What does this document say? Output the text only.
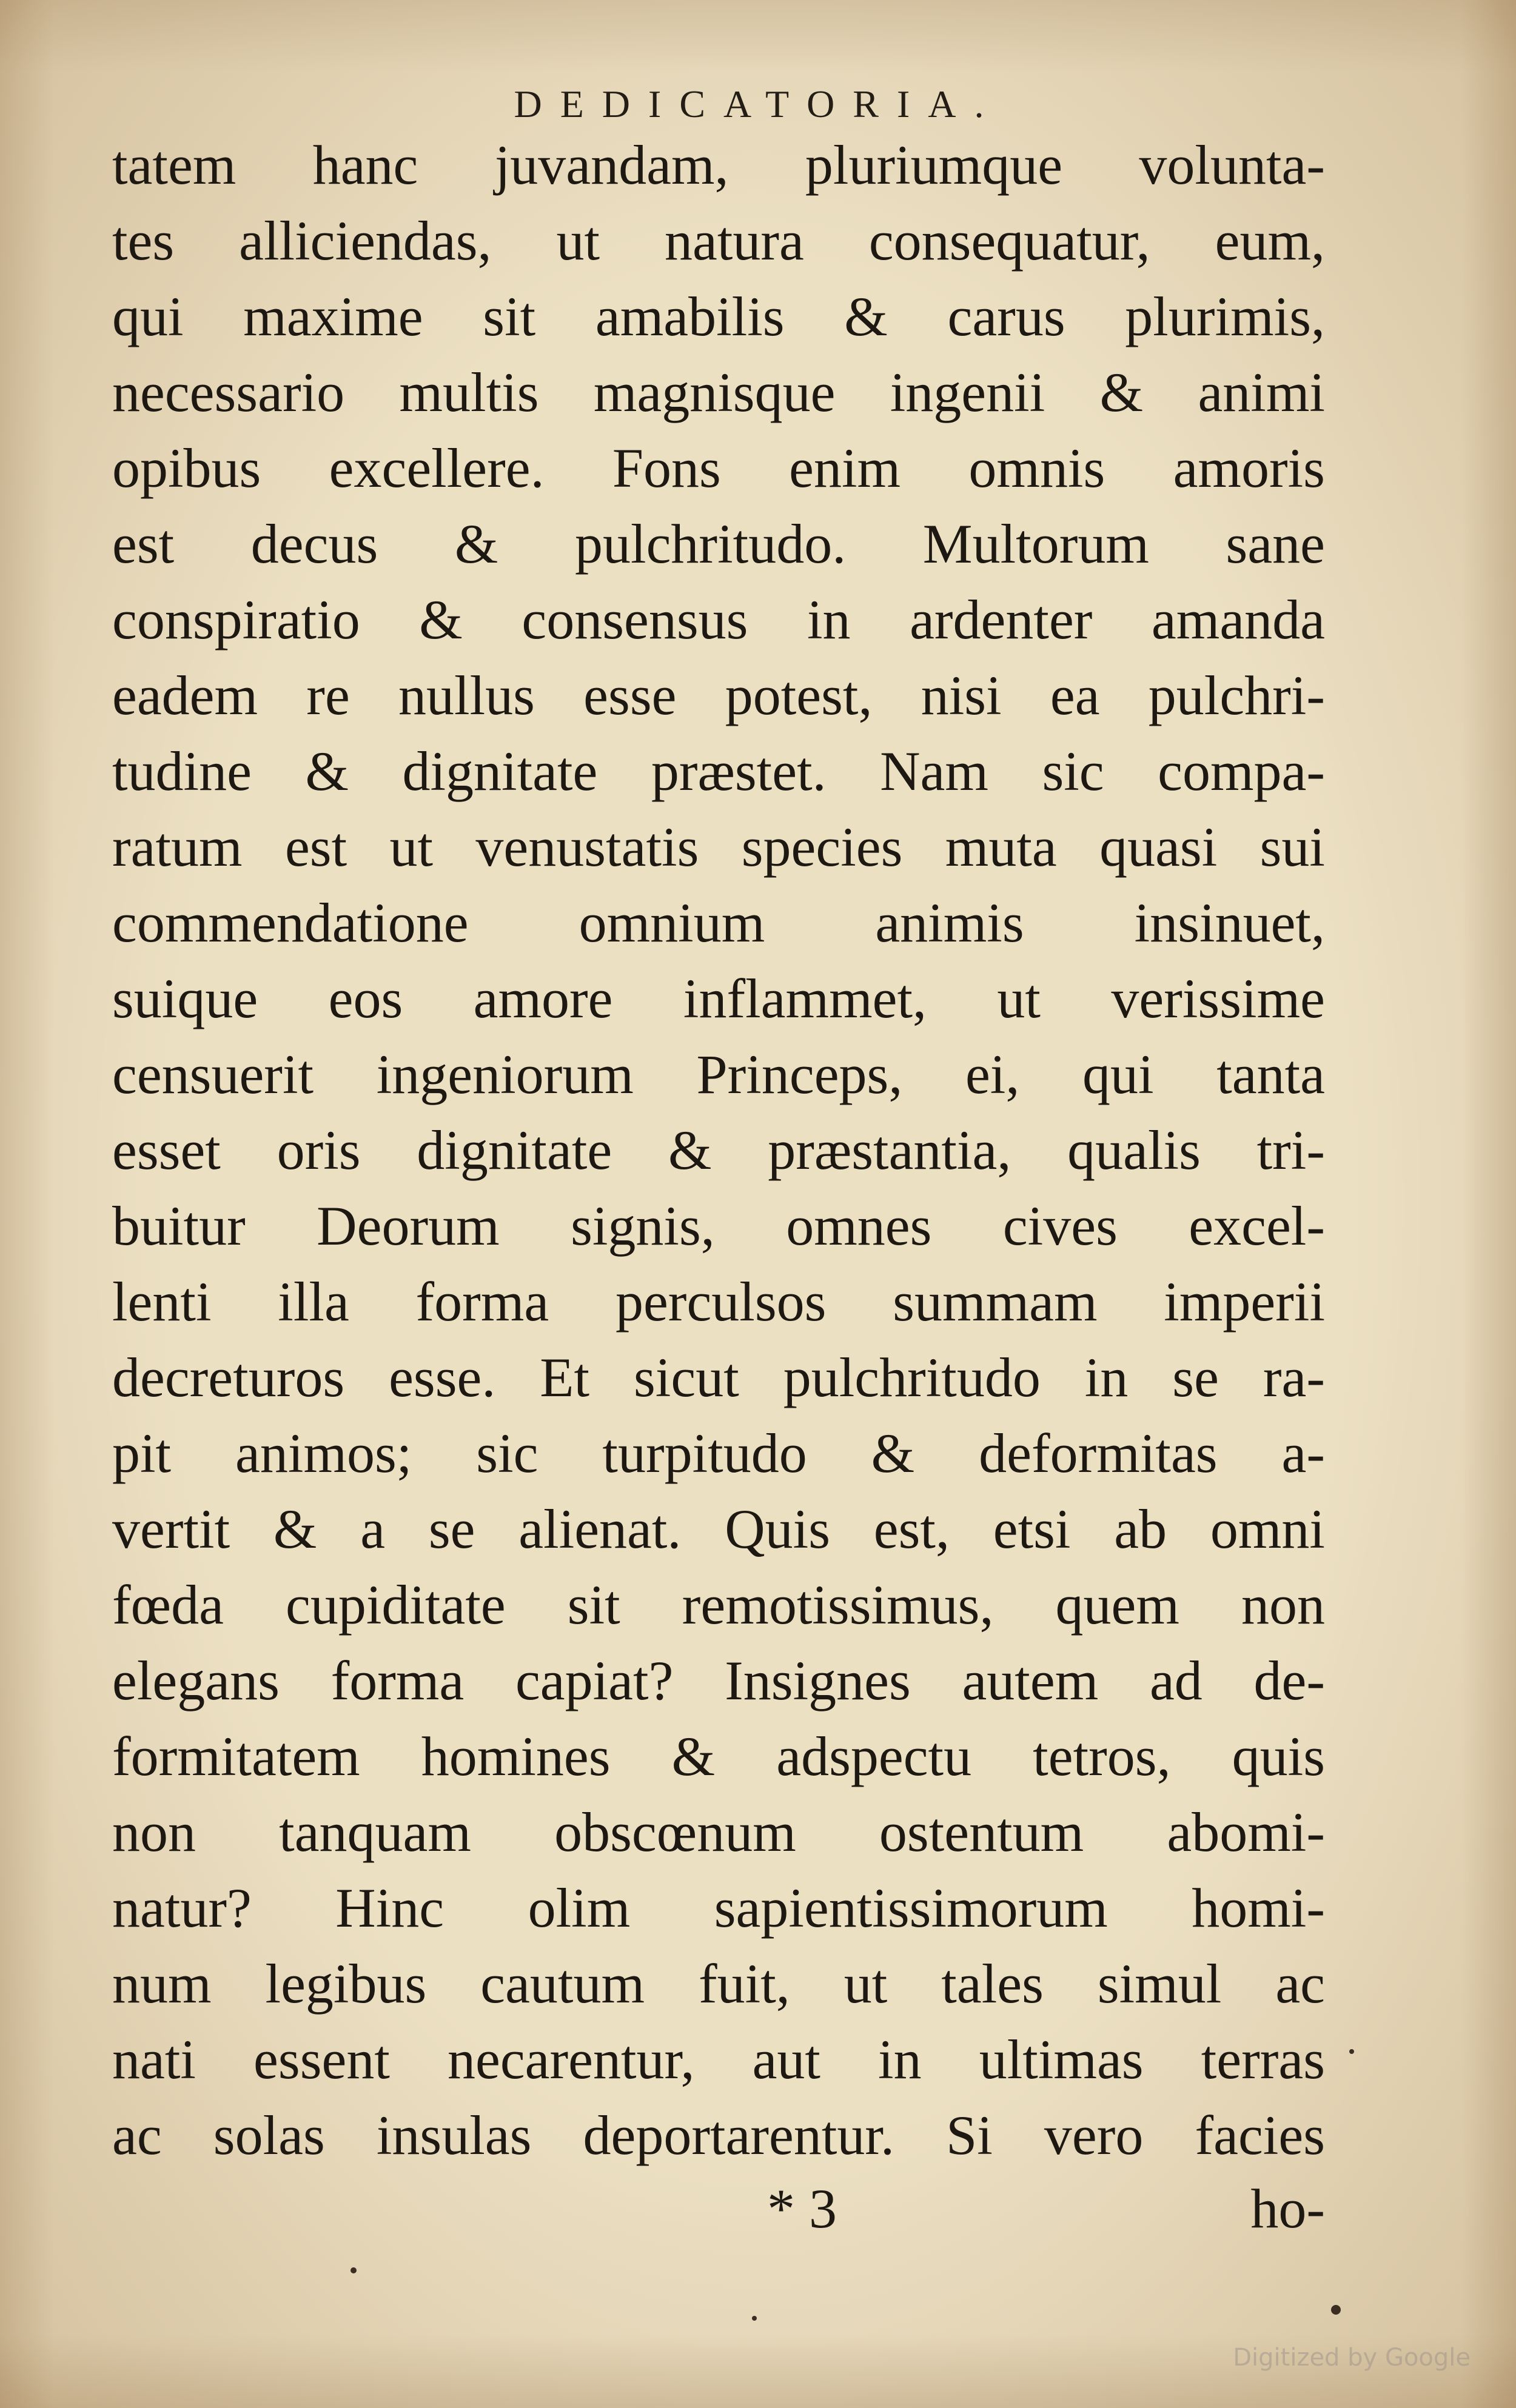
DEDICATORIA.
tatem hanc juvandam, pluriumque volunta-
tes alliciendas, ut natura consequatur, eum,
qui maxime sit amabilis & carus plurimis,
necessario multis magnisque ingenii & animi
opibus excellere. Fons enim omnis amoris
est decus & pulchritudo. Multorum sane
conspiratio & consensus in ardenter amanda
eadem re nullus esse potest, nisi ea pulchri-
tudine & dignitate præstet. Nam sic compa-
ratum est ut venustatis species muta quasi sui
commendatione omnium animis insinuet,
suique eos amore inflammet, ut verissime
censuerit ingeniorum Princeps, ei, qui tanta
esset oris dignitate & præstantia, qualis tri-
buitur Deorum signis, omnes cives excel-
lenti illa forma perculsos summam imperii
decreturos esse. Et sicut pulchritudo in se ra-
pit animos; sic turpitudo & deformitas a-
vertit & a se alienat. Quis est, etsi ab omni
fœda cupiditate sit remotissimus, quem non
elegans forma capiat? Insignes autem ad de-
formitatem homines & adspectu tetros, quis
non tanquam obscœnum ostentum abomi-
natur? Hinc olim sapientissimorum homi-
num legibus cautum fuit, ut tales simul ac
nati essent necarentur, aut in ultimas terras
ac solas insulas deportarentur. Si vero facies
* 3	ho-
Digitized by Google
